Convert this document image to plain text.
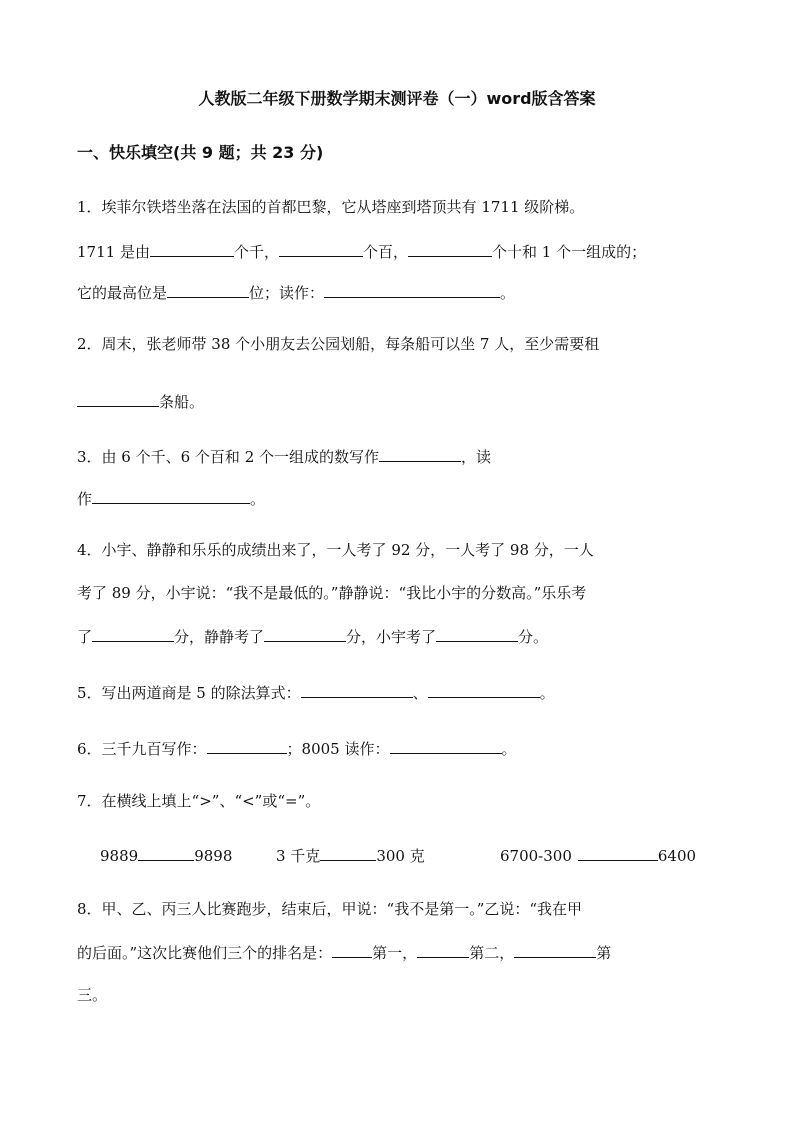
人教版二年级下册数学期末测评卷（一）word版含答案
一、快乐填空(共 9 题；共 23 分)
1．埃菲尔铁塔坐落在法国的首都巴黎，它从塔座到塔顶共有 1711 级阶梯。
1711 是由	个千，	个百，	个十和 1 个一组成的；
它的最高位是	位；读作：	。
2．周末，张老师带 38 个小朋友去公园划船，每条船可以坐 7 人，至少需要租
条船。
3．由 6 个千、6 个百和 2 个一组成的数写作	，读
作	。
4．小宇、静静和乐乐的成绩出来了，一人考了 92 分，一人考了 98 分，一人
考了 89 分，小宇说：“我不是最低的。”静静说：“我比小宇的分数高。”乐乐考
了	分，静静考了	分，小宇考了	分。
5．写出两道商是 5 的除法算式：	、	。
6．三千九百写作：	；8005 读作：	。
7．在横线上填上“>”、“<”或“=”。
9889	9898	3 千克	300 克	6700-300	6400
8．甲、乙、丙三人比赛跑步，结束后，甲说：“我不是第一。”乙说：“我在甲
的后面。”这次比赛他们三个的排名是：	第一，	第二，	第
三。
